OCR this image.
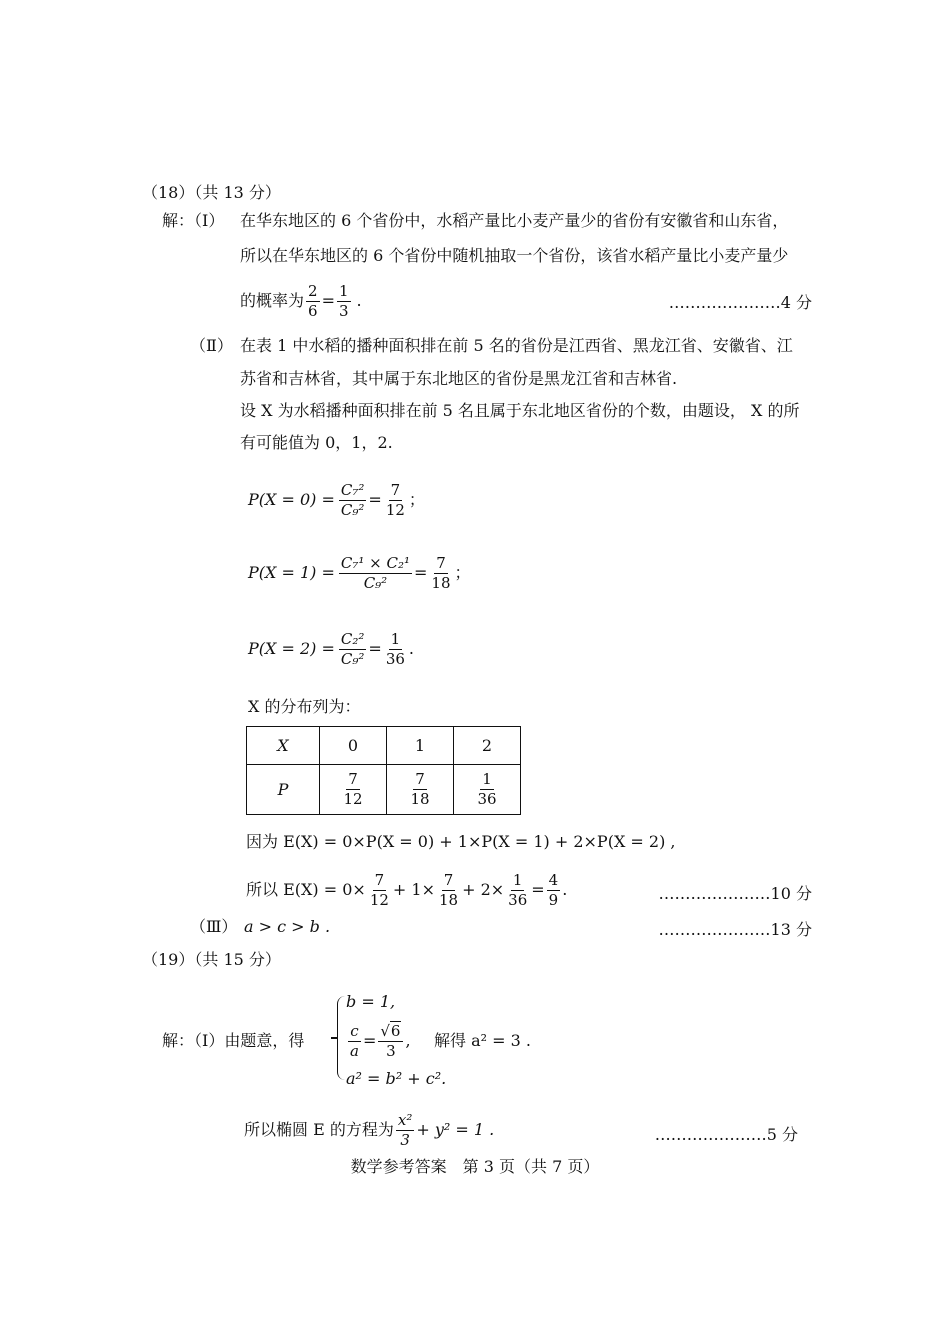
（18）（共 13 分）
解：（Ⅰ） 在华东地区的 6 个省份中，水稻产量比小麦产量少的省份有安徽省和山东省，
所以在华东地区的 6 个省份中随机抽取一个省份，该省水稻产量比小麦产量少
的概率为 $\frac{2}{6} = \frac{1}{3}$ .	…………………4 分
（Ⅱ） 在表 1 中水稻的播种面积排在前 5 名的省份是江西省、黑龙江省、安徽省、江
苏省和吉林省，其中属于东北地区的省份是黑龙江省和吉林省.
设 X 为水稻播种面积排在前 5 名且属于东北地区省份的个数，由题设， X 的所
有可能值为 0，1，2.
$P(X = 0) = \frac{\text{C₇²}}{\text{C₉²}} = \frac{7}{12}$ ；
$P(X = 1) = \frac{\text{C₇¹ × C₂¹}}{\text{C₉²}} = \frac{7}{18}$ ；
$P(X = 2) = \frac{\text{C₂²}}{\text{C₉²}} = \frac{1}{36}$ .
X 的分布列为：
X	0	1	2
P	$\frac{7}{12}$	$\frac{7}{18}$	$\frac{1}{36}$
因为 E(X) = 0×P(X = 0) + 1×P(X = 1) + 2×P(X = 2) ,
所以 $E(X) = 0\times \frac{7}{12} + 1\times \frac{7}{18} + 2\times \frac{1}{36} = \frac{4}{9}$ .	…………………10 分
（Ⅲ） a > c > b .	…………………13 分
（19）（共 15 分）
解：（Ⅰ）由题意，得
b = 1,
$\frac{c}{a} = \frac{√6}{3}$ ,
a² = b² + c².
解得 a² = 3 .
所以椭圆 E 的方程为 $\frac{\text{x²}}{3} + y^2 = 1$ .	…………………5 分
数学参考答案　第 3 页（共 7 页）
